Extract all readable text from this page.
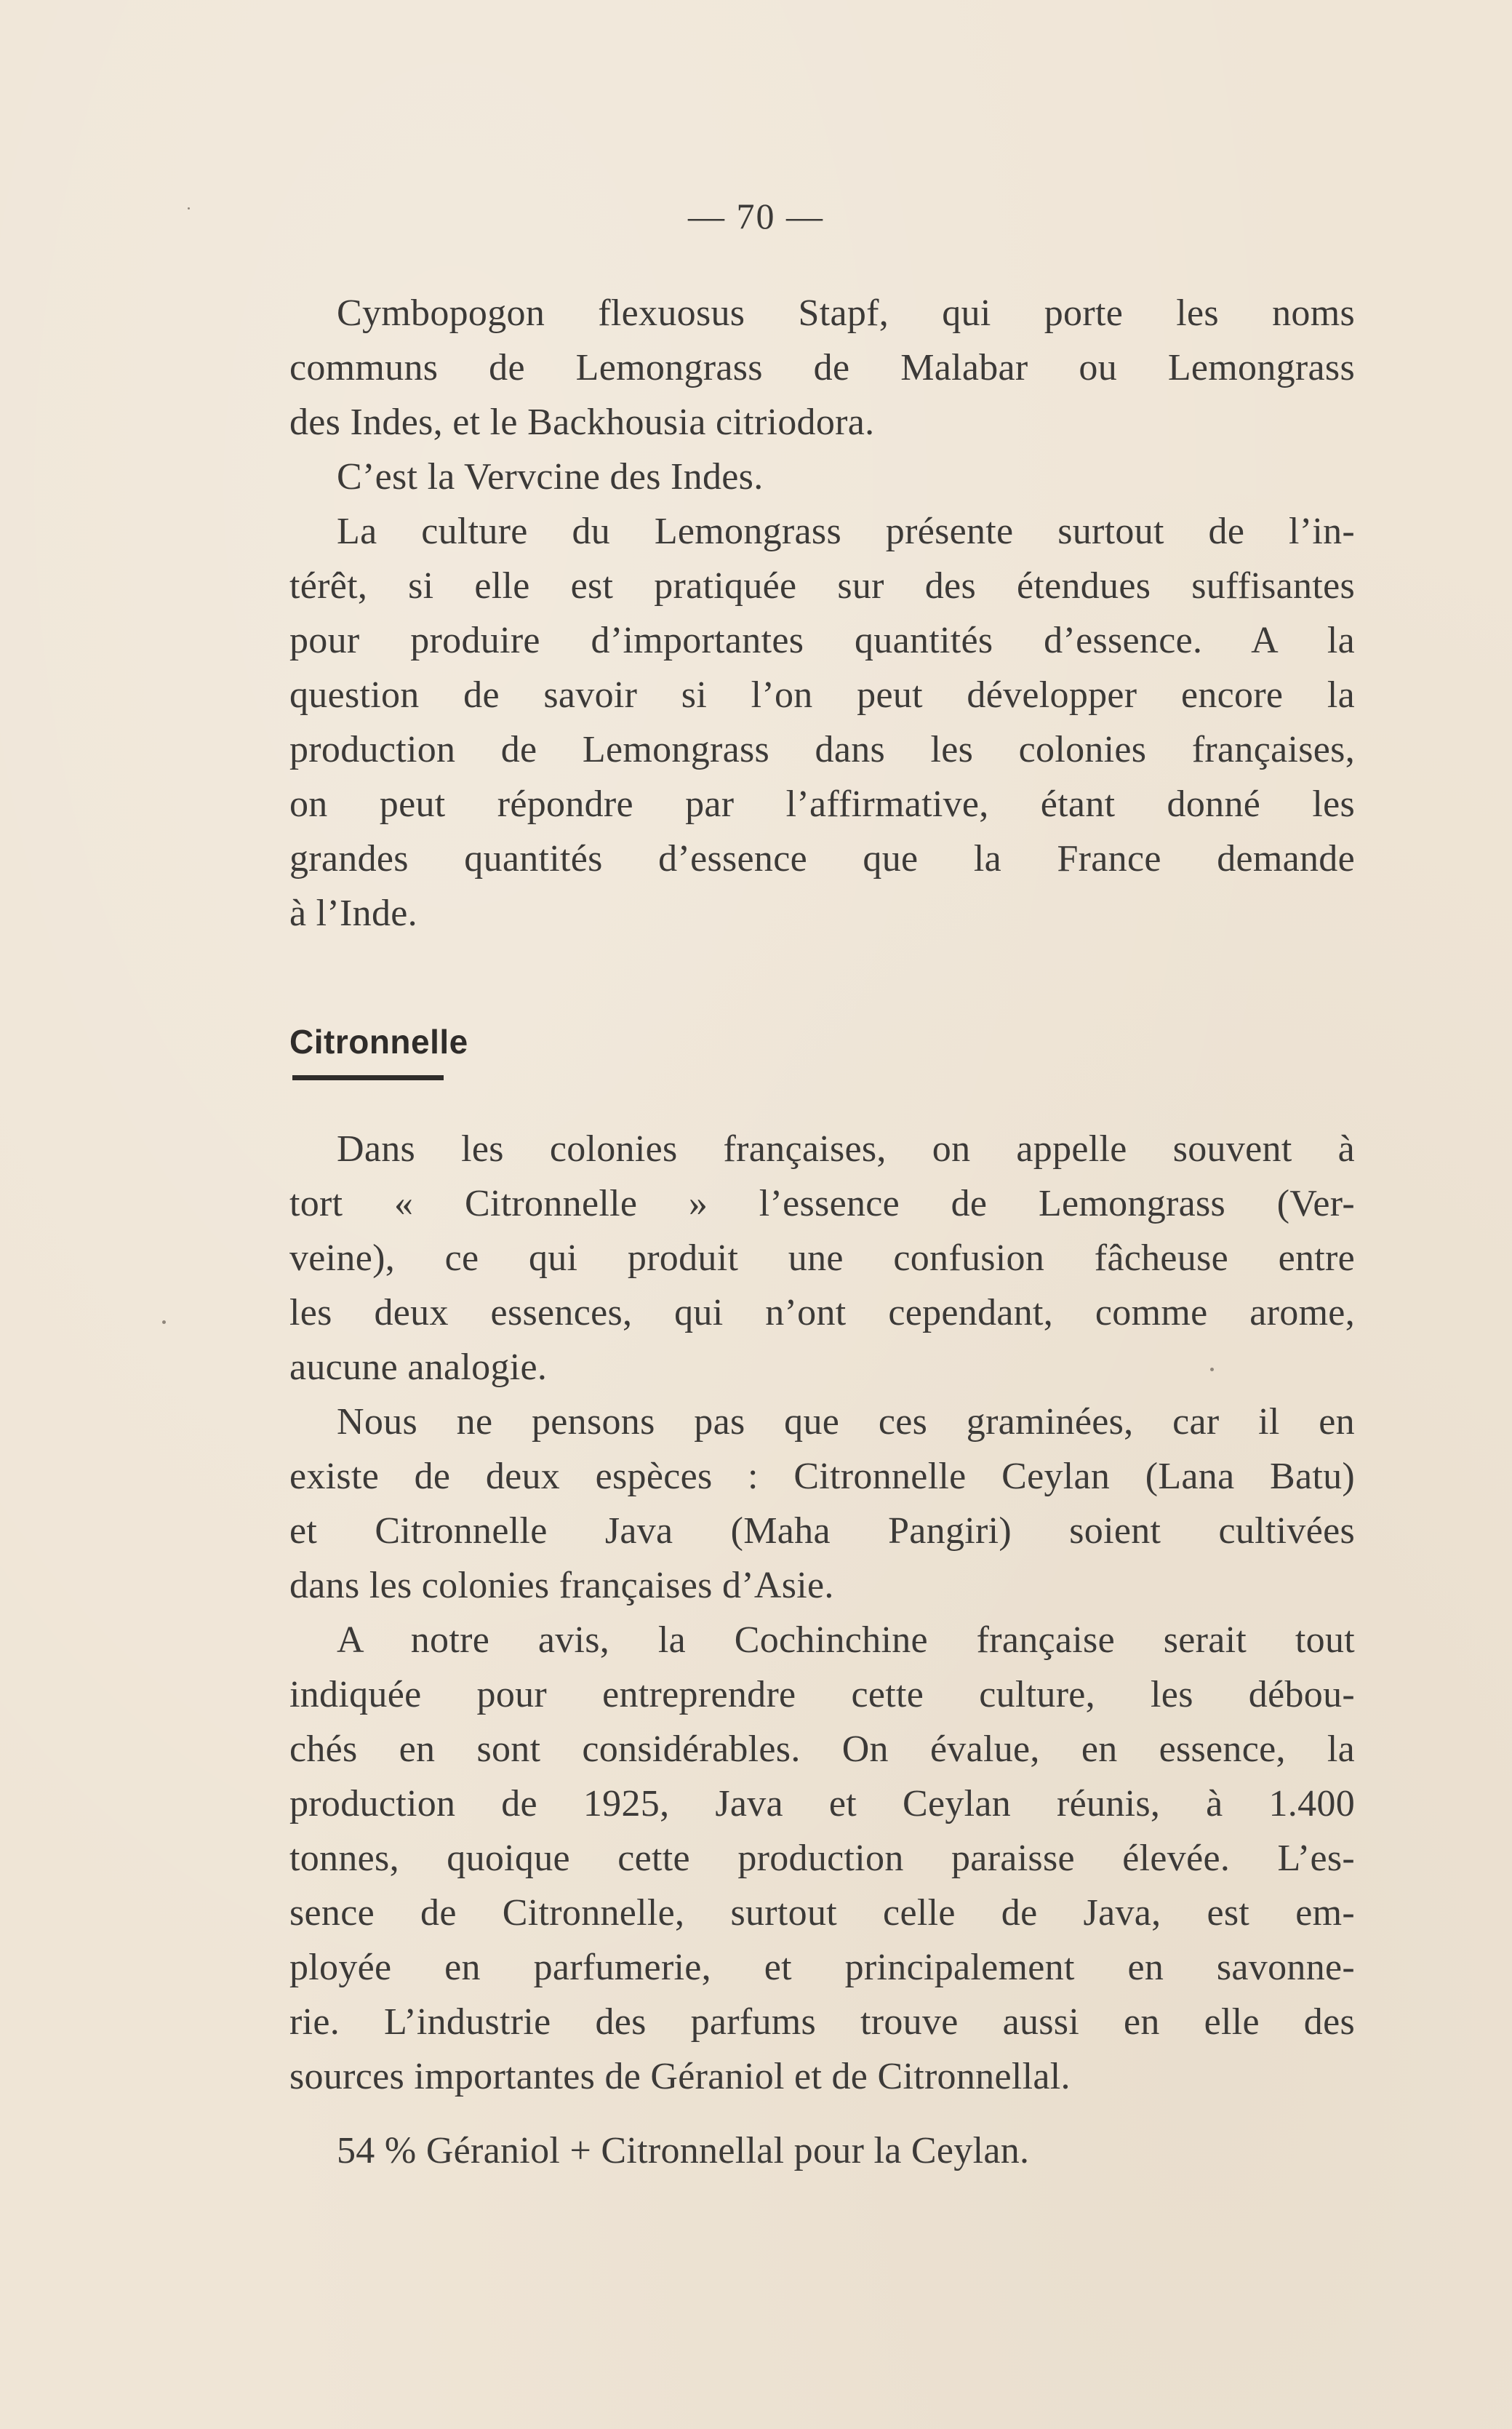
— 70 —
Cymbopogon flexuosus Stapf, qui porte les noms
communs de Lemongrass de Malabar ou Lemongrass
des Indes, et le Backhousia citriodora.
C’est la Vervcine des Indes.
La culture du Lemongrass présente surtout de l’in-
térêt, si elle est pratiquée sur des étendues suffisantes
pour produire d’importantes quantités d’essence. A la
question de savoir si l’on peut développer encore la
production de Lemongrass dans les colonies françaises,
on peut répondre par l’affirmative, étant donné les
grandes quantités d’essence que la France demande
à l’Inde.
Citronnelle
Dans les colonies françaises, on appelle souvent à
tort « Citronnelle » l’essence de Lemongrass (Ver-
veine), ce qui produit une confusion fâcheuse entre
les deux essences, qui n’ont cependant, comme arome,
aucune analogie.
Nous ne pensons pas que ces graminées, car il en
existe de deux espèces : Citronnelle Ceylan (Lana Batu)
et Citronnelle Java (Maha Pangiri) soient cultivées
dans les colonies françaises d’Asie.
A notre avis, la Cochinchine française serait tout
indiquée pour entreprendre cette culture, les débou-
chés en sont considérables. On évalue, en essence, la
production de 1925, Java et Ceylan réunis, à 1.400
tonnes, quoique cette production paraisse élevée. L’es-
sence de Citronnelle, surtout celle de Java, est em-
ployée en parfumerie, et principalement en savonne-
rie. L’industrie des parfums trouve aussi en elle des
sources importantes de Géraniol et de Citronnellal.
54 % Géraniol + Citronnellal pour la Ceylan.
